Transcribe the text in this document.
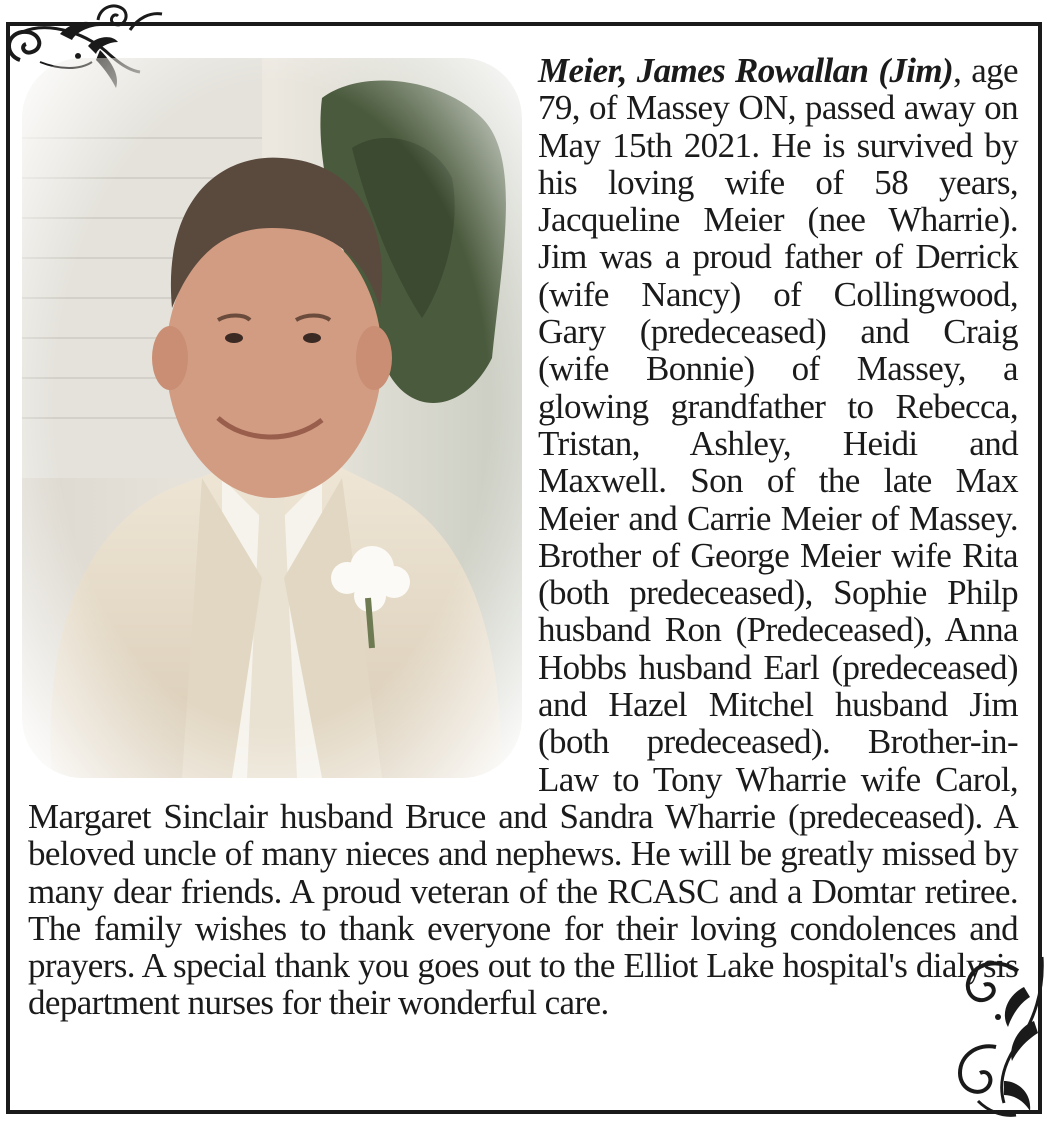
Meier, James Rowallan (Jim), age 79, of Massey ON, passed away on May 15th 2021. He is survived by his loving wife of 58 years, Jacqueline Meier (nee Wharrie). Jim was a proud father of Derrick (wife Nancy) of Collingwood, Gary (predeceased) and Craig (wife Bonnie) of Massey, a glowing grandfather to Rebecca, Tristan, Ashley, Heidi and Maxwell. Son of the late Max Meier and Carrie Meier of Massey. Brother of George Meier wife Rita (both predeceased), Sophie Philp husband Ron (Predeceased), Anna Hobbs husband Earl (predeceased) and Hazel Mitchel husband Jim (both predeceased). Brother-in-Law to Tony Wharrie wife Carol, Margaret Sinclair husband Bruce and Sandra Wharrie (predeceased). A beloved uncle of many nieces and nephews. He will be greatly missed by many dear friends. A proud veteran of the RCASC and a Domtar retiree. The family wishes to thank everyone for their loving condolences and prayers. A special thank you goes out to the Elliot Lake hospital's dialysis department nurses for their wonderful care.
